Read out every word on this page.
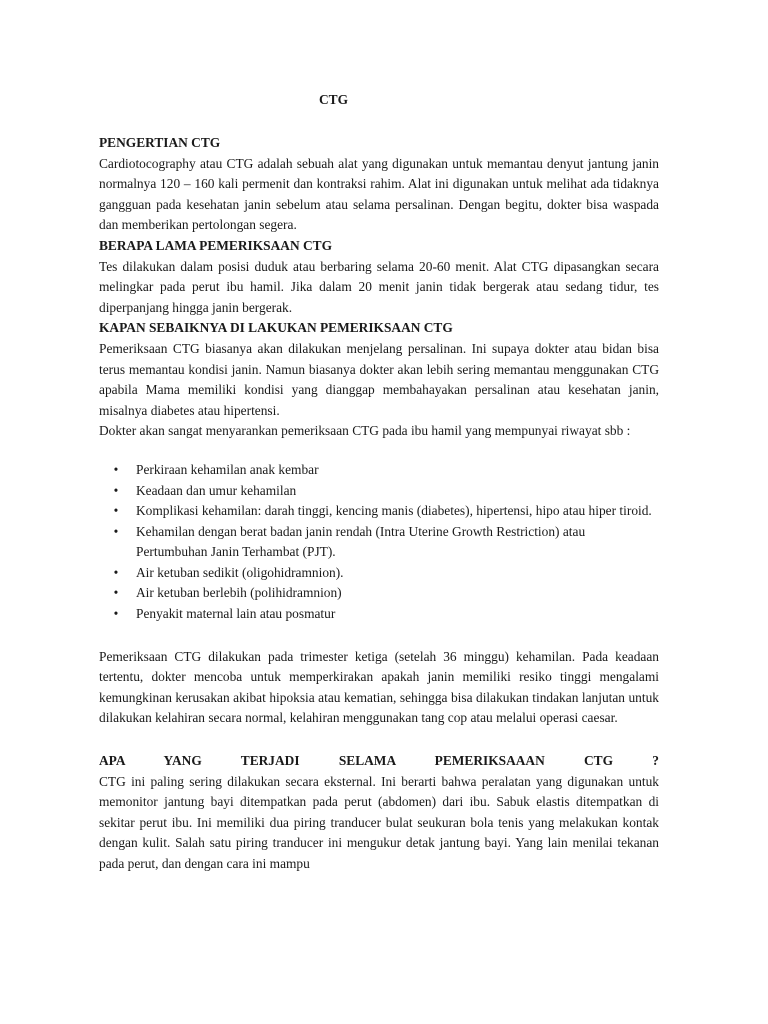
CTG
PENGERTIAN CTG

Cardiotocography atau CTG adalah sebuah alat yang digunakan untuk memantau denyut jantung janin normalnya 120 – 160 kali permenit dan kontraksi rahim. Alat ini digunakan untuk melihat ada tidaknya gangguan pada kesehatan janin sebelum atau selama persalinan. Dengan begitu, dokter bisa waspada dan memberikan pertolongan segera.

BERAPA LAMA PEMERIKSAAN CTG

Tes dilakukan dalam posisi duduk atau berbaring selama 20-60 menit. Alat CTG dipasangkan secara melingkar pada perut ibu hamil. Jika dalam 20 menit janin tidak bergerak atau sedang tidur, tes diperpanjang hingga janin bergerak.

KAPAN SEBAIKNYA DI LAKUKAN PEMERIKSAAN CTG

Pemeriksaan CTG biasanya akan dilakukan menjelang persalinan. Ini supaya dokter atau bidan bisa terus memantau kondisi janin. Namun biasanya dokter akan lebih sering memantau menggunakan CTG apabila Mama memiliki kondisi yang dianggap membahayakan persalinan atau kesehatan janin, misalnya diabetes atau hipertensi.

Dokter akan sangat menyarankan pemeriksaan CTG pada ibu hamil yang mempunyai riwayat sbb :

• Perkiraan kehamilan anak kembar
• Keadaan dan umur kehamilan
• Komplikasi kehamilan: darah tinggi, kencing manis (diabetes), hipertensi, hipo atau hiper tiroid.
• Kehamilan dengan berat badan janin rendah (Intra Uterine Growth Restriction) atau Pertumbuhan Janin Terhambat (PJT).
• Air ketuban sedikit (oligohidramnion).
• Air ketuban berlebih (polihidramnion)
• Penyakit maternal lain atau posmatur

Pemeriksaan CTG dilakukan pada trimester ketiga (setelah 36 minggu) kehamilan. Pada keadaan tertentu, dokter mencoba untuk memperkirakan apakah janin memiliki resiko tinggi mengalami kemungkinan kerusakan akibat hipoksia atau kematian, sehingga bisa dilakukan tindakan lanjutan untuk dilakukan kelahiran secara normal, kelahiran menggunakan tang cop atau melalui operasi caesar.

APA YANG TERJADI SELAMA PEMERIKSAAAN CTG ?

CTG ini paling sering dilakukan secara eksternal. Ini berarti bahwa peralatan yang digunakan untuk memonitor jantung bayi ditempatkan pada perut (abdomen) dari ibu. Sabuk elastis ditempatkan di sekitar perut ibu. Ini memiliki dua piring tranducer bulat seukuran bola tenis yang melakukan kontak dengan kulit. Salah satu piring tranducer ini mengukur detak jantung bayi. Yang lain menilai tekanan pada perut, dan dengan cara ini mampu
